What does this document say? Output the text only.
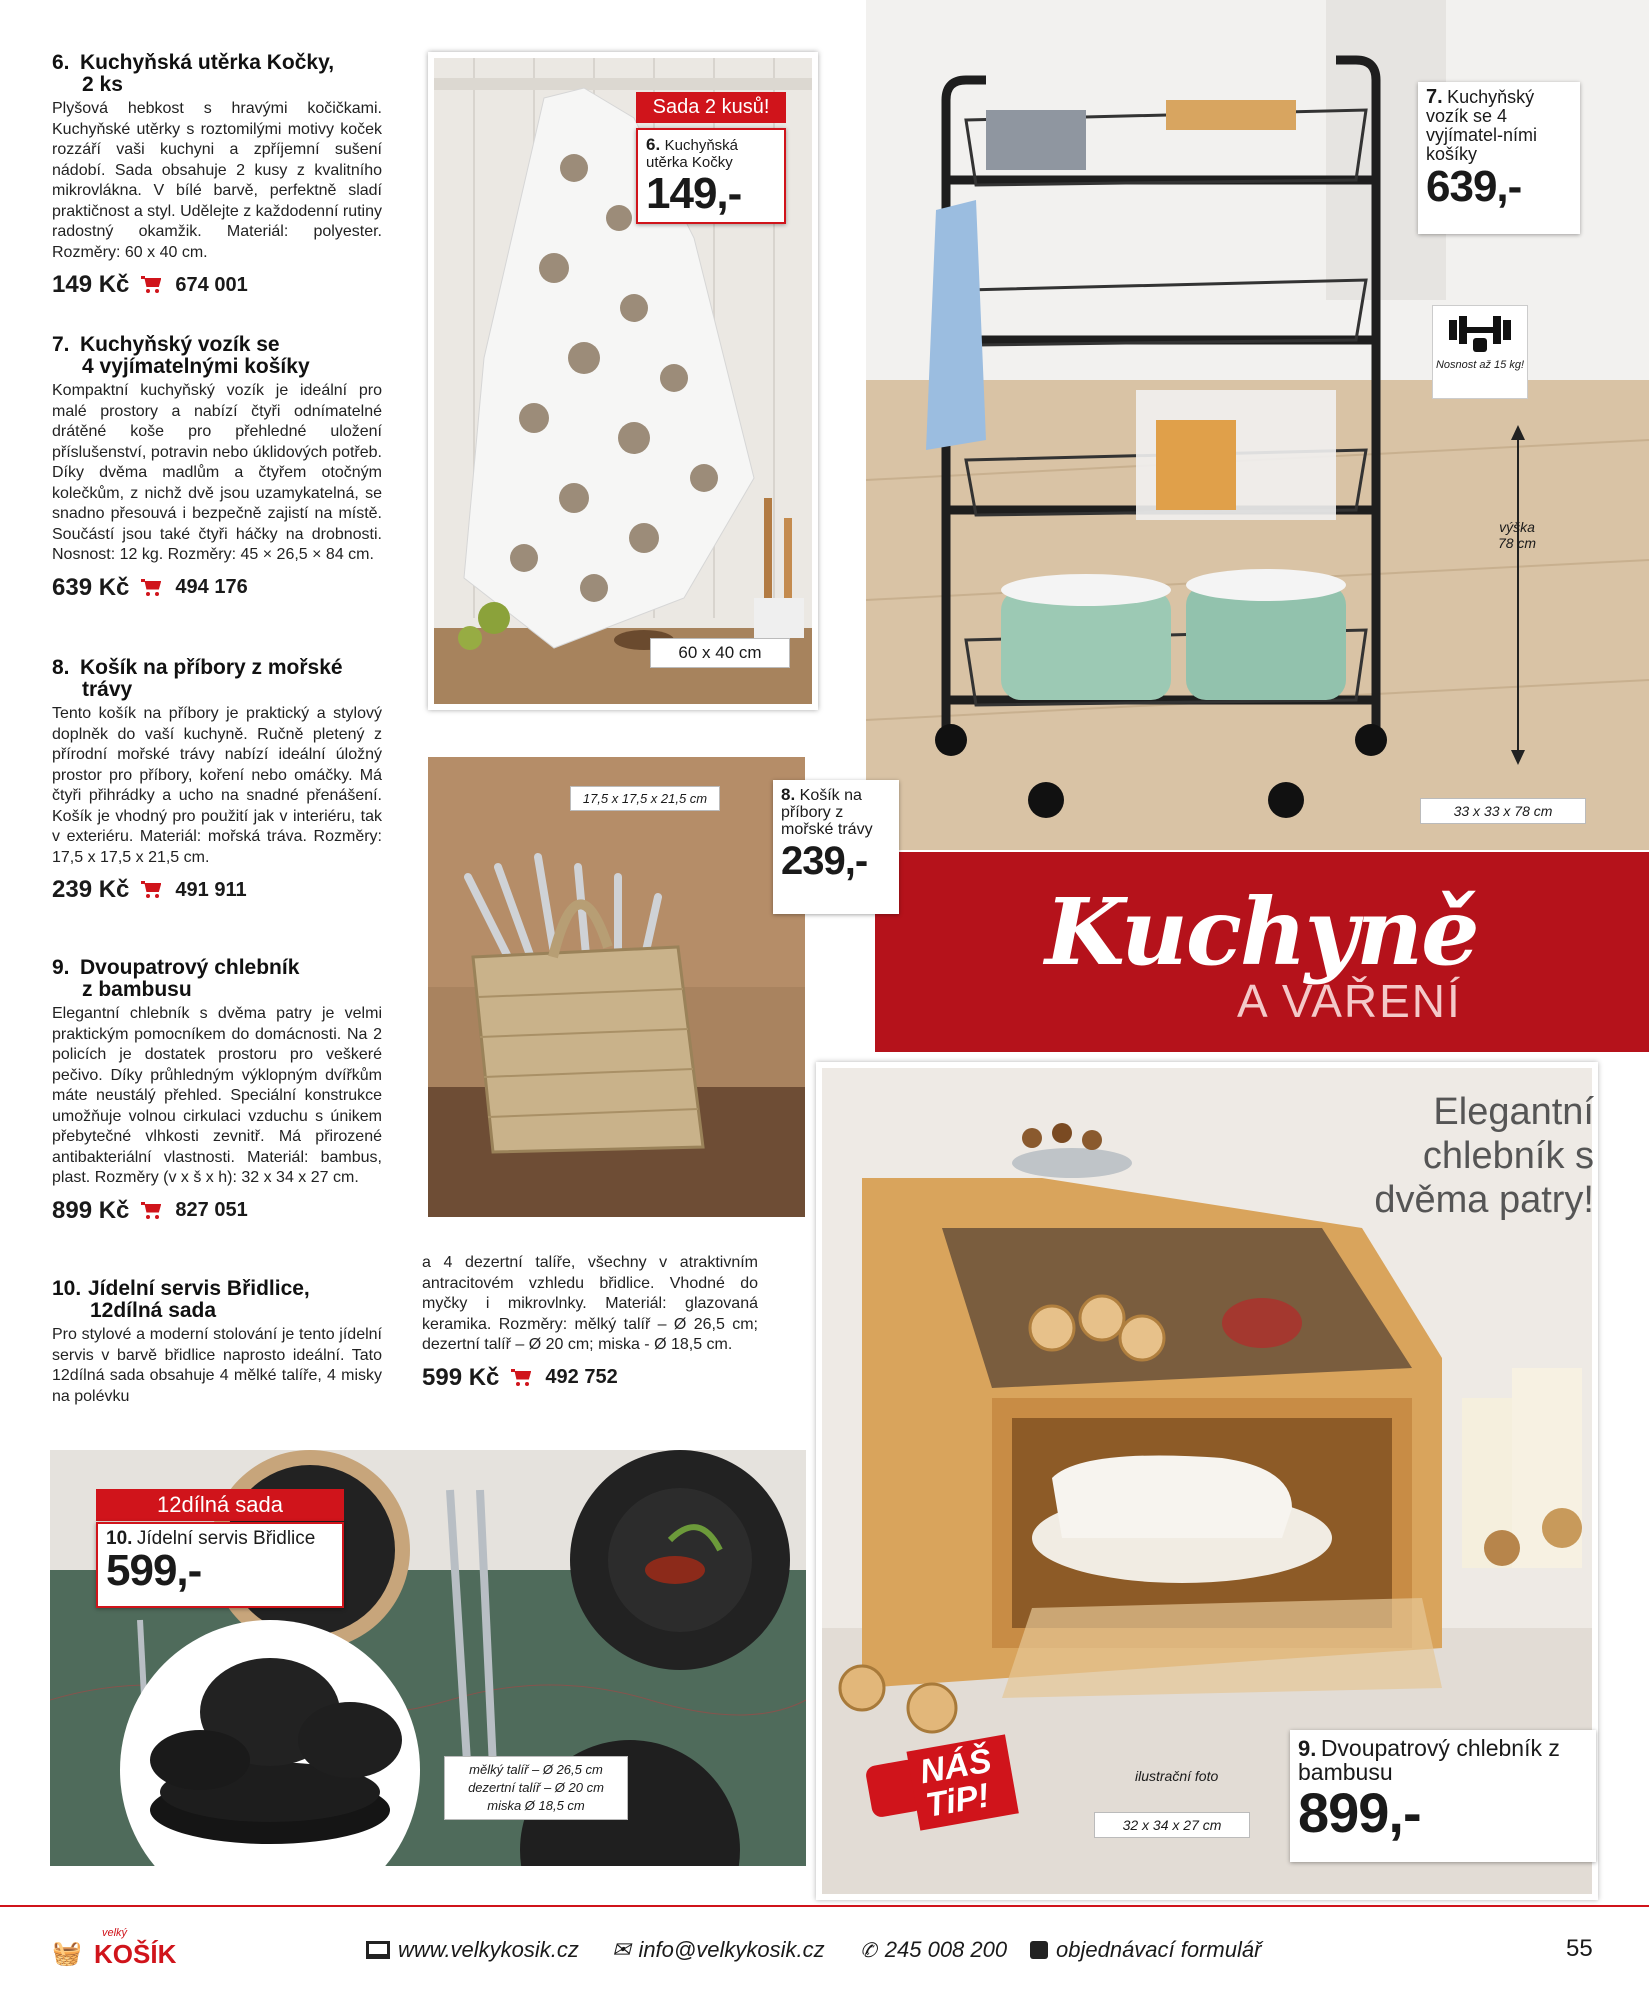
6. Kuchyňská utěrka Kočky,
2 ks

Plyšová hebkost s hravými kočičkami. Kuchyňské utěrky s roztomilými motivy koček rozzáří vaši kuchyni a zpříjemní sušení nádobí. Sada obsahuje 2 kusy z kvalitního mikrovlákna. V bílé barvě, perfektně sladí praktičnost a styl. Udělejte z každodenní rutiny radostný okamžik. Materiál: polyester. Rozměry: 60 x 40 cm.

149 Kč 674 001
7. Kuchyňský vozík se
4 vyjímatelnými košíky

Kompaktní kuchyňský vozík je ideální pro malé prostory a nabízí čtyři odnímatelné drátěné koše pro přehledné uložení příslušenství, potravin nebo úklidových potřeb. Díky dvěma madlům a čtyřem otočným kolečkům, z nichž dvě jsou uzamykatelná, se snadno přesouvá i bezpečně zajistí na místě. Součástí jsou také čtyři háčky na drobnosti. Nosnost: 12 kg. Rozměry: 45 × 26,5 × 84 cm.

639 Kč 494 176
8. Košík na příbory z mořské
trávy

Tento košík na příbory je praktický a stylový doplněk do vaší kuchyně. Ručně pletený z přírodní mořské trávy nabízí ideální úložný prostor pro příbory, koření nebo omáčky. Má čtyři přihrádky a ucho na snadné přenášení. Košík je vhodný pro použití jak v interiéru, tak v exteriéru. Materiál: mořská tráva. Rozměry: 17,5 x 17,5 x 21,5 cm.

239 Kč 491 911
9. Dvoupatrový chlebník
z bambusu

Elegantní chlebník s dvěma patry je velmi praktickým pomocníkem do domácnosti. Na 2 policích je dostatek prostoru pro veškeré pečivo. Díky průhledným výklopným dvířkům máte neustálý přehled. Speciální konstrukce umožňuje volnou cirkulaci vzduchu s únikem přebytečné vlhkosti zevnitř. Má přirozené antibakteriální vlastnosti. Materiál: bambus, plast. Rozměry (v x š x h): 32 x 34 x 27 cm.

899 Kč 827 051
10. Jídelní servis Břidlice,
12dílná sada

Pro stylové a moderní stolování je tento jídelní servis v barvě břidlice naprosto ideální. Tato 12dílná sada obsahuje 4 mělké talíře, 4 misky na polévku

a 4 dezertní talíře, všechny v atraktivním antracitovém vzhledu břidlice. Vhodné do myčky i mikrovlnky. Materiál: glazovaná keramika. Rozměry: mělký talíř – Ø 26,5 cm; dezertní talíř – Ø 20 cm; miska - Ø 18,5 cm.

599 Kč 492 752
Sada 2 kusů!
6. Kuchyňská utěrka Kočky
149,-
60 x 40 cm
7. Kuchyňský vozík se 4 vyjímatel-ními košíky
639,-
Nosnost až 15 kg!
výška 78 cm
33 x 33 x 78 cm
Kuchyně
A VAŘENÍ
17,5 x 17,5 x 21,5 cm	8. Košík na příbory z mořské trávy
239,-
Elegantní chlebník s dvěma patry!
NÁŠ TiP!
ilustrační foto
32 x 34 x 27 cm
9. Dvoupatrový chlebník z bambusu
899,-
12dílná sada
10. Jídelní servis Břidlice
599,-
mělký talíř – Ø 26,5 cm dezertní talíř – Ø 20 cm miska Ø 18,5 cm
🧺
velký
KOŠÍK	www.velkykosik.cz ✉ info@velkykosik.cz ✆ 245 008 200 objednávací formulář	55
